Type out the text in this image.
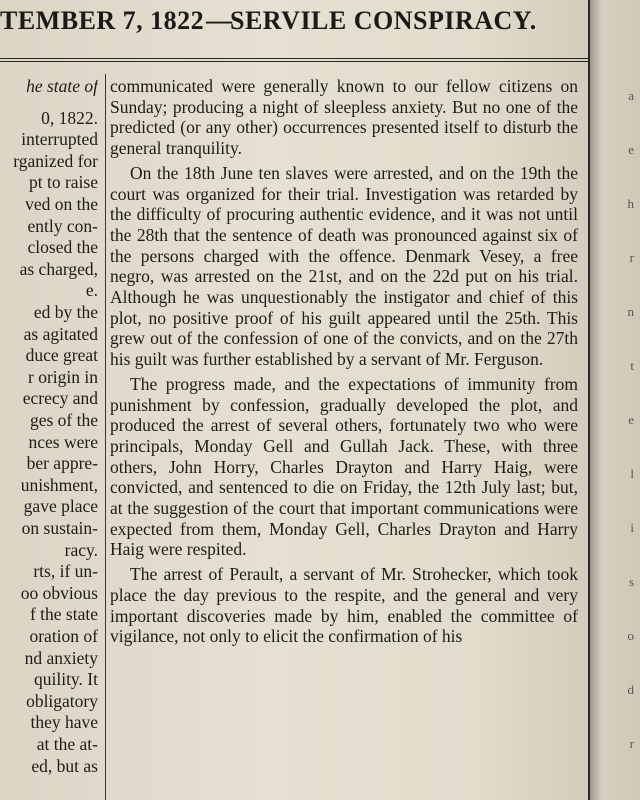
TEMBER 7, 1822 —
SERVILE CONSPIRACY.
he state of
0, 1822.
interrupted
rganized for
pt to raise
ved on the
ently con-
closed the
as charged,
e.
ed by the
as agitated
duce great
r origin in
ecrecy and
ges of the
nces were
ber appre-
unishment,
gave place
on sustain-
racy.
rts, if un-
oo obvious
f the state
oration of
nd anxiety
quility. It
obligatory
they have
at the at-
ed, but as

communicated were generally known to our fellow citizens on Sunday; producing a night of sleepless anxiety. But no one of the predicted (or any other) occurrences presented itself to disturb the general tranquility.

On the 18th June ten slaves were arrested, and on the 19th the court was organized for their trial. Investigation was retarded by the difficulty of procuring authentic evidence, and it was not until the 28th that the sentence of death was pronounced against six of the persons charged with the offence. Denmark Vesey, a free negro, was arrested on the 21st, and on the 22d put on his trial. Although he was unquestionably the instigator and chief of this plot, no positive proof of his guilt appeared until the 25th. This grew out of the confession of one of the convicts, and on the 27th his guilt was further established by a servant of Mr. Ferguson.

The progress made, and the expectations of immunity from punishment by confession, gradually developed the plot, and produced the arrest of several others, fortunately two who were principals, Monday Gell and Gullah Jack. These, with three others, John Horry, Charles Drayton and Harry Haig, were convicted, and sentenced to die on Friday, the 12th July last; but, at the suggestion of the court that important communications were expected from them, Monday Gell, Charles Drayton and Harry Haig were respited.

The arrest of Perault, a servant of Mr. Strohecker, which took place the day previous to the respite, and the general and very important discoveries made by him, enabled the committee of vigilance, not only to elicit the confirmation of his

a
e
h
r
n
t
e
l
i
s
o
d
r
